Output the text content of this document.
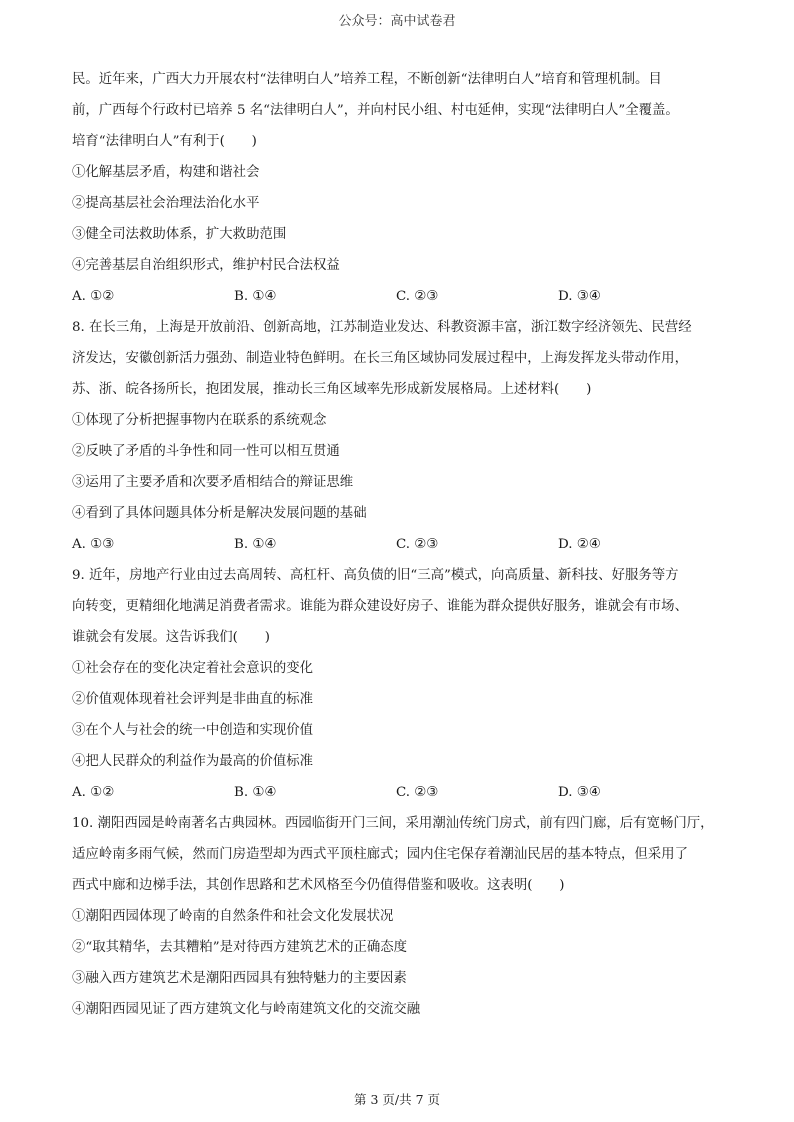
公众号：高中试卷君

民。近年来，广西大力开展农村“法律明白人”培养工程，不断创新“法律明白人”培育和管理机制。目

前，广西每个行政村已培养 5 名“法律明白人”，并向村民小组、村屯延伸，实现“法律明白人”全覆盖。

培育“法律明白人”有利于(　　)

①化解基层矛盾，构建和谐社会

②提高基层社会治理法治化水平

③健全司法救助体系，扩大救助范围

④完善基层自治组织形式，维护村民合法权益

A. ①②	B. ①④	C. ②③	D. ③④

8. 在长三角，上海是开放前沿、创新高地，江苏制造业发达、科教资源丰富，浙江数字经济领先、民营经

济发达，安徽创新活力强劲、制造业特色鲜明。在长三角区域协同发展过程中，上海发挥龙头带动作用，

苏、浙、皖各扬所长，抱团发展，推动长三角区域率先形成新发展格局。上述材料(　　)

①体现了分析把握事物内在联系的系统观念

②反映了矛盾的斗争性和同一性可以相互贯通

③运用了主要矛盾和次要矛盾相结合的辩证思维

④看到了具体问题具体分析是解决发展问题的基础

A. ①③	B. ①④	C. ②③	D. ②④

9. 近年，房地产行业由过去高周转、高杠杆、高负债的旧“三高”模式，向高质量、新科技、好服务等方

向转变，更精细化地满足消费者需求。谁能为群众建设好房子、谁能为群众提供好服务，谁就会有市场、

谁就会有发展。这告诉我们(　　)

①社会存在的变化决定着社会意识的变化

②价值观体现着社会评判是非曲直的标准

③在个人与社会的统一中创造和实现价值

④把人民群众的利益作为最高的价值标准

A. ①②	B. ①④	C. ②③	D. ③④

10. 潮阳西园是岭南著名古典园林。西园临街开门三间，采用潮汕传统门房式，前有四门廊，后有宽畅门厅，

适应岭南多雨气候，然而门房造型却为西式平顶柱廊式；园内住宅保存着潮汕民居的基本特点，但采用了

西式中廊和边梯手法，其创作思路和艺术风格至今仍值得借鉴和吸收。这表明(　　)

①潮阳西园体现了岭南的自然条件和社会文化发展状况

②“取其精华，去其糟粕”是对待西方建筑艺术的正确态度

③融入西方建筑艺术是潮阳西园具有独特魅力的主要因素

④潮阳西园见证了西方建筑文化与岭南建筑文化的交流交融

第 3 页/共 7 页
